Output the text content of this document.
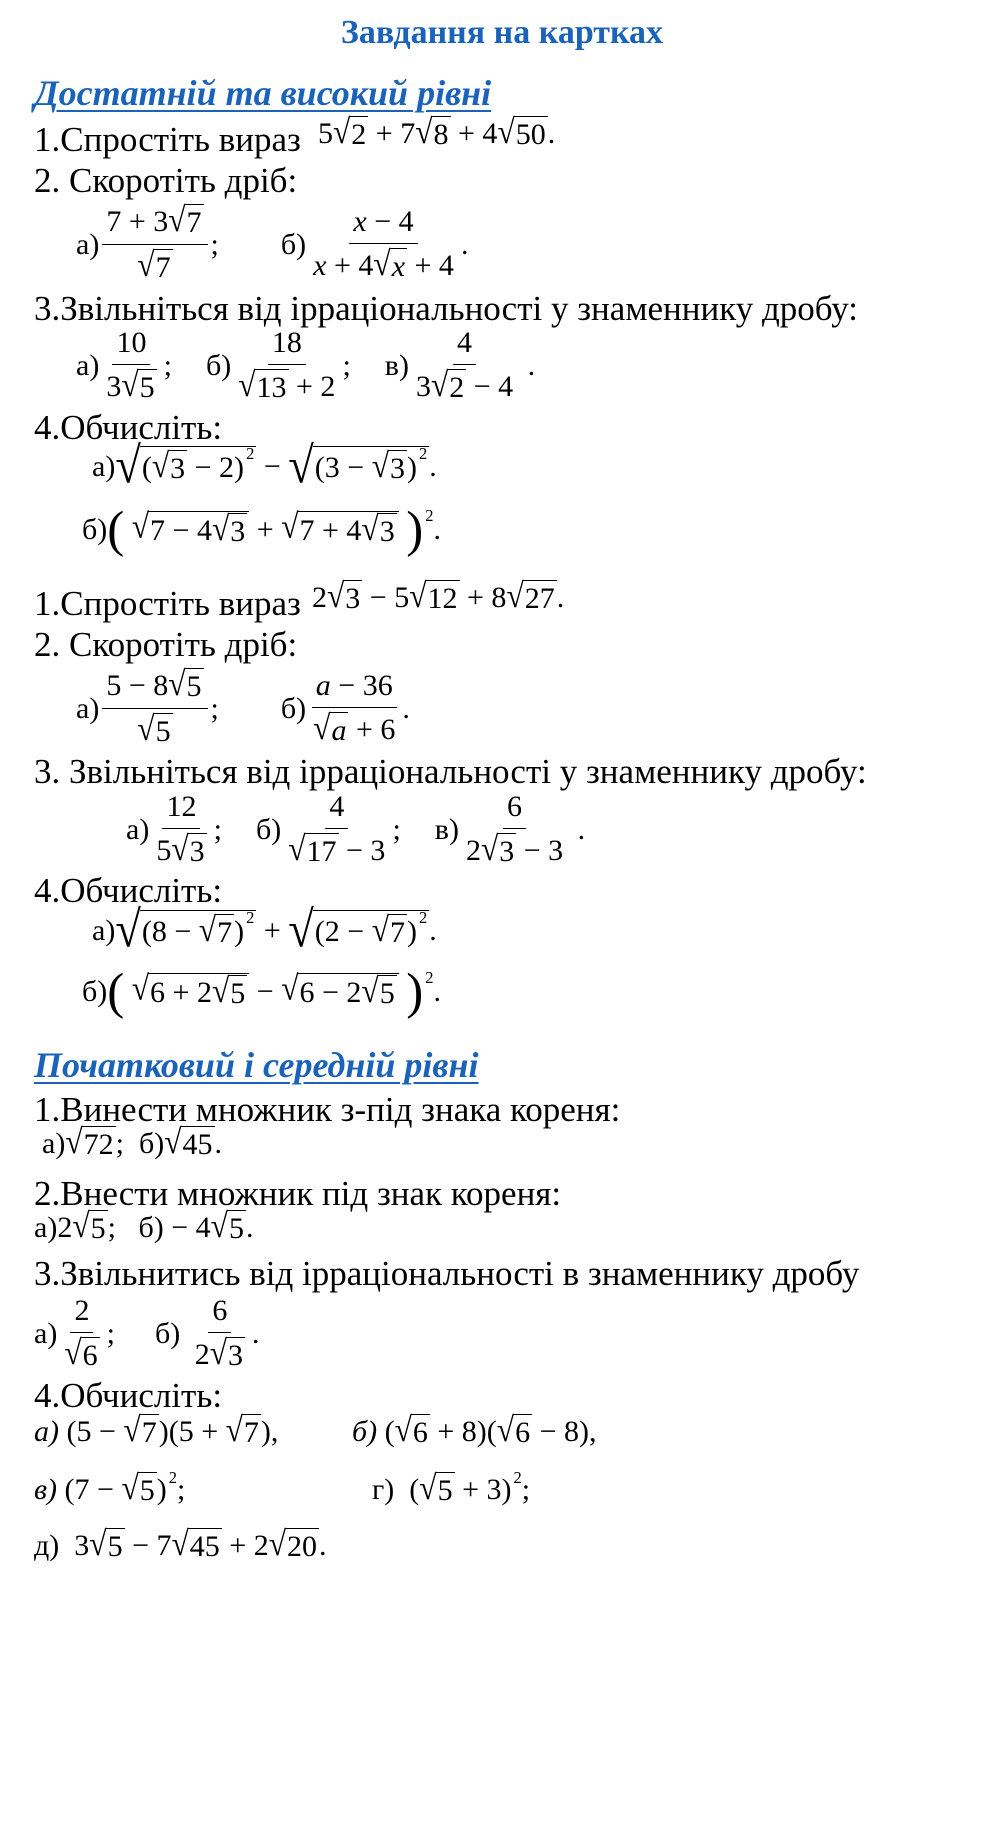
Завдання на картках
Достатній та високий рівні
1.Спростіть вираз 5 √ 2 + 7 √ 8 + 4 √ 50 .
2. Скоротіть дріб:
$а) \frac{7 + 3 √ 7}{√ 7}$ ; $б) \frac{x - 4}{x + 4 √ x + 4}$ .
3.Звільніться від ірраціональності у знаменнику дробу:
$а) \frac{10}{3 √ 5}$ ; $б) \frac{18}{√ 13 + 2}$ ; $в) \frac{4}{3 √ 2 - 4}$ .
4.Обчисліть:
а) √ ( √ 3 − 2) 2 − √ (3 − √ 3 ) 2 .
б) (
√ 7 − 4 √ 3 + √ 7 + 4 √ 3
) 2 .
1.Спростіть вираз 2 √ 3 − 5 √ 12 + 8 √ 27 .
2. Скоротіть дріб:
$а) \frac{5 - 8 √ 5}{√ 5}$ ; $б) \frac{a - 36}{√ a + 6}$ .
3. Звільніться від ірраціональності у знаменнику дробу:
$а) \frac{12}{5 √ 3}$ ; $б) \frac{4}{√ 17 - 3}$ ; $в) \frac{6}{2 √ 3 - 3}$ .
4.Обчисліть:
а) √ (8 − √ 7 ) 2 + √ (2 − √ 7 ) 2 .
б) (
√ 6 + 2 √ 5 − √ 6 − 2 √ 5
) 2 .
Початковий і середній рівні
1.Винести множник з-під знака кореня:
а) √ 72 ; б) √ 45 .
2.Внести множник під знак кореня:
а) 2 √ 5 ; б) − 4 √ 5 .
3.Звільнитись від ірраціональності в знаменнику дробу
$а) \frac{2}{√ 6}$ ; б)
$\frac{6}{2 √ 3}$ .
4.Обчисліть:
а)
(5 − √ 7 )(5 + √ 7 ), б)
( √ 6 + 8)( √ 6 − 8),
в)
(7 − √ 5 ) 2 ;	г) ( √ 5 + 3) 2 ;
д) 3 √ 5 − 7 √ 45 + 2 √ 20 .
